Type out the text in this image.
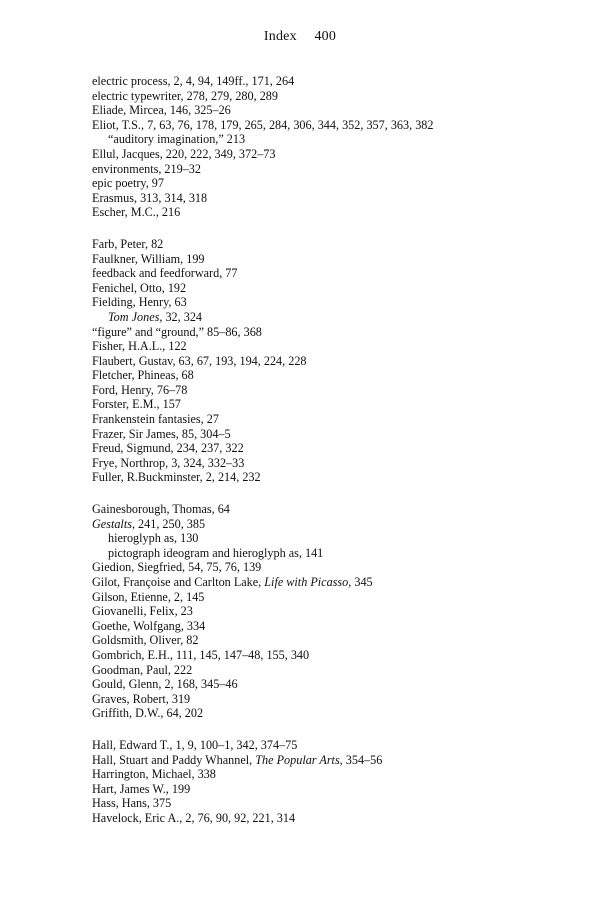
Index 400
electric process, 2, 4, 94, 149ff., 171, 264
electric typewriter, 278, 279, 280, 289
Eliade, Mircea, 146, 325–26
Eliot, T.S., 7, 63, 76, 178, 179, 265, 284, 306, 344, 352, 357, 363, 382
“auditory imagination,” 213
Ellul, Jacques, 220, 222, 349, 372–73
environments, 219–32
epic poetry, 97
Erasmus, 313, 314, 318
Escher, M.C., 216
Farb, Peter, 82
Faulkner, William, 199
feedback and feedforward, 77
Fenichel, Otto, 192
Fielding, Henry, 63
Tom Jones, 32, 324
“figure” and “ground,” 85–86, 368
Fisher, H.A.L., 122
Flaubert, Gustav, 63, 67, 193, 194, 224, 228
Fletcher, Phineas, 68
Ford, Henry, 76–78
Forster, E.M., 157
Frankenstein fantasies, 27
Frazer, Sir James, 85, 304–5
Freud, Sigmund, 234, 237, 322
Frye, Northrop, 3, 324, 332–33
Fuller, R.Buckminster, 2, 214, 232
Gainesborough, Thomas, 64
Gestalts, 241, 250, 385
hieroglyph as, 130
pictograph ideogram and hieroglyph as, 141
Giedion, Siegfried, 54, 75, 76, 139
Gilot, Françoise and Carlton Lake, Life with Picasso, 345
Gilson, Etienne, 2, 145
Giovanelli, Felix, 23
Goethe, Wolfgang, 334
Goldsmith, Oliver, 82
Gombrich, E.H., 111, 145, 147–48, 155, 340
Goodman, Paul, 222
Gould, Glenn, 2, 168, 345–46
Graves, Robert, 319
Griffith, D.W., 64, 202
Hall, Edward T., 1, 9, 100–1, 342, 374–75
Hall, Stuart and Paddy Whannel, The Popular Arts, 354–56
Harrington, Michael, 338
Hart, James W., 199
Hass, Hans, 375
Havelock, Eric A., 2, 76, 90, 92, 221, 314
